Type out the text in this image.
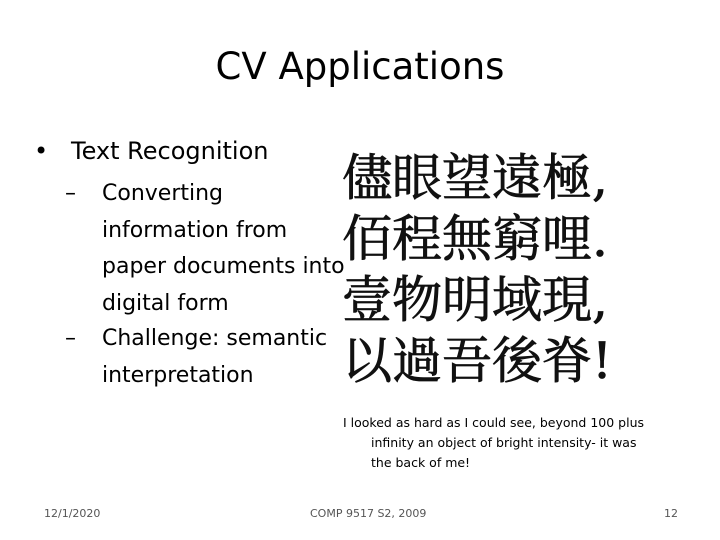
CV Applications
• Text Recognition
– Converting
information from
paper documents into
digital form
– Challenge: semantic
interpretation
儘眼望遠極,
佰程無窮哩.
壹物明域現,
以過吾後脊!
I looked as hard as I could see, beyond 100 plus
infinity an object of bright intensity- it was
the back of me!
12/1/2020	COMP 9517 S2, 2009	12
